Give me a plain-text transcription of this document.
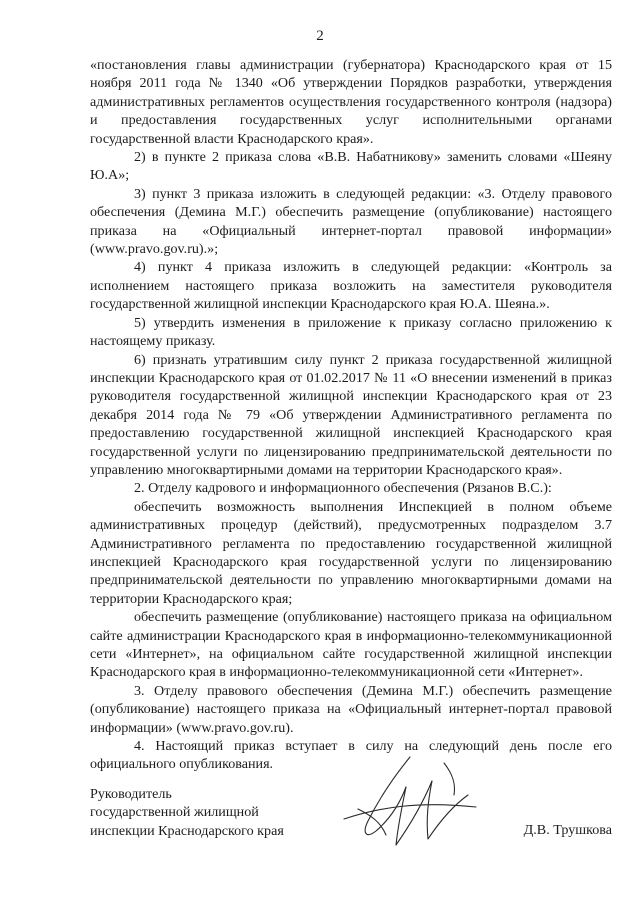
2

«постановления главы администрации (губернатора) Краснодарского края от 15 ноября 2011 года № 1340 «Об утверждении Порядков разработки, утверждения административных регламентов осуществления государственного контроля (надзора) и предоставления государственных услуг исполнительными органами государственной власти Краснодарского края».

2) в пункте 2 приказа слова «В.В. Набатникову» заменить словами «Шеяну Ю.А»;

3) пункт 3 приказа изложить в следующей редакции: «3. Отделу правового обеспечения (Демина М.Г.) обеспечить размещение (опубликование) настоящего приказа на «Официальный интернет-портал правовой информации» (www.pravo.gov.ru).»;

4) пункт 4 приказа изложить в следующей редакции: «Контроль за исполнением настоящего приказа возложить на заместителя руководителя государственной жилищной инспекции Краснодарского края Ю.А. Шеяна.».

5) утвердить изменения в приложение к приказу согласно приложению к настоящему приказу.

6) признать утратившим силу пункт 2 приказа государственной жилищной инспекции Краснодарского края от 01.02.2017 № 11 «О внесении изменений в приказ руководителя государственной жилищной инспекции Краснодарского края от 23 декабря 2014 года № 79 «Об утверждении Административного регламента по предоставлению государственной жилищной инспекцией Краснодарского края государственной услуги по лицензированию предпринимательской деятельности по управлению многоквартирными домами на территории Краснодарского края».

2. Отделу кадрового и информационного обеспечения (Рязанов В.С.):

обеспечить возможность выполнения Инспекцией в полном объеме административных процедур (действий), предусмотренных подразделом 3.7 Административного регламента по предоставлению государственной жилищной инспекцией Краснодарского края государственной услуги по лицензированию предпринимательской деятельности по управлению многоквартирными домами на территории Краснодарского края;

обеспечить размещение (опубликование) настоящего приказа на официальном сайте администрации Краснодарского края в информационно-телекоммуникационной сети «Интернет», на официальном сайте государственной жилищной инспекции Краснодарского края в информационно-телекоммуникационной сети «Интернет».

3. Отделу правового обеспечения (Демина М.Г.) обеспечить размещение (опубликование) настоящего приказа на «Официальный интернет-портал правовой информации» (www.pravo.gov.ru).

4. Настоящий приказ вступает в силу на следующий день после его официального опубликования.

Руководитель
государственной жилищной
инспекции Краснодарского края	Д.В. Трушкова
